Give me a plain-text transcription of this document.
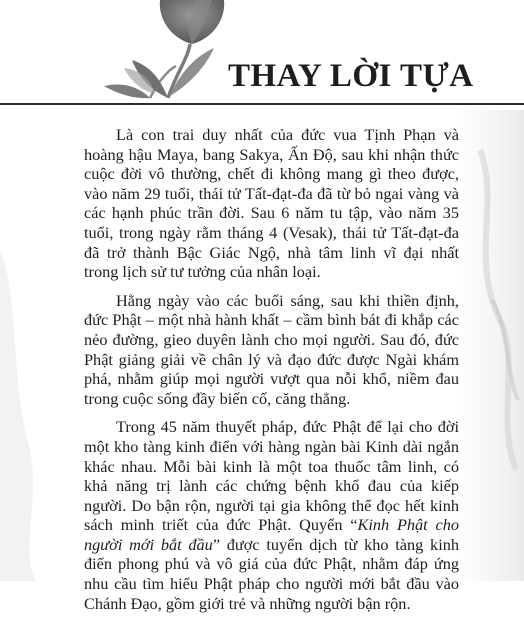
THAY LỜI TỰA

Là con trai duy nhất của đức vua Tịnh Phạn và hoàng hậu Maya, bang Sakya, Ấn Độ, sau khi nhận thức cuộc đời vô thường, chết đi không mang gì theo được, vào năm 29 tuổi, thái tử Tất-đạt-đa đã từ bỏ ngai vàng và các hạnh phúc trần đời. Sau 6 năm tu tập, vào năm 35 tuổi, trong ngày rằm tháng 4 (Vesak), thái tử Tất-đạt-đa đã trở thành Bậc Giác Ngộ, nhà tâm linh vĩ đại nhất trong lịch sử tư tưởng của nhân loại.

Hằng ngày vào các buổi sáng, sau khi thiền định, đức Phật – một nhà hành khất – cầm bình bát đi khắp các nẻo đường, gieo duyên lành cho mọi người. Sau đó, đức Phật giảng giải về chân lý và đạo đức được Ngài khám phá, nhằm giúp mọi người vượt qua nỗi khổ, niềm đau trong cuộc sống đầy biến cố, căng thẳng.

Trong 45 năm thuyết pháp, đức Phật để lại cho đời một kho tàng kinh điển với hàng ngàn bài Kinh dài ngắn khác nhau. Mỗi bài kinh là một toa thuốc tâm linh, có khả năng trị lành các chứng bệnh khổ đau của kiếp người. Do bận rộn, người tại gia không thể đọc hết kinh sách minh triết của đức Phật. Quyển “Kinh Phật cho người mới bắt đầu” được tuyển dịch từ kho tàng kinh điển phong phú và vô giá của đức Phật, nhằm đáp ứng nhu cầu tìm hiểu Phật pháp cho người mới bắt đầu vào Chánh Đạo, gồm giới trẻ và những người bận rộn.
